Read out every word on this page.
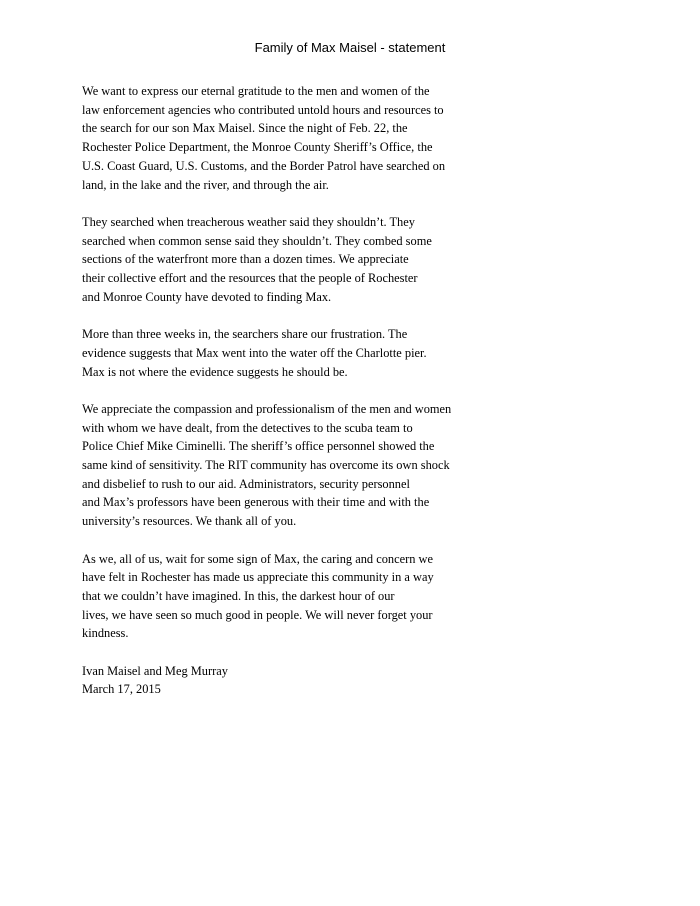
Family of Max Maisel - statement

We want to express our eternal gratitude to the men and women of the
law enforcement agencies who contributed untold hours and resources to
the search for our son Max Maisel. Since the night of Feb. 22, the
Rochester Police Department, the Monroe County Sheriff’s Office, the
U.S. Coast Guard, U.S. Customs, and the Border Patrol have searched on
land, in the lake and the river, and through the air.

They searched when treacherous weather said they shouldn’t. They
searched when common sense said they shouldn’t. They combed some
sections of the waterfront more than a dozen times. We appreciate
their collective effort and the resources that the people of Rochester
and Monroe County have devoted to finding Max.

More than three weeks in, the searchers share our frustration. The
evidence suggests that Max went into the water off the Charlotte pier.
Max is not where the evidence suggests he should be.

We appreciate the compassion and professionalism of the men and women
with whom we have dealt, from the detectives to the scuba team to
Police Chief Mike Ciminelli. The sheriff’s office personnel showed the
same kind of sensitivity. The RIT community has overcome its own shock
and disbelief to rush to our aid. Administrators, security personnel
and Max’s professors have been generous with their time and with the
university’s resources. We thank all of you.

As we, all of us, wait for some sign of Max, the caring and concern we
have felt in Rochester has made us appreciate this community in a way
that we couldn’t have imagined. In this, the darkest hour of our
lives, we have seen so much good in people. We will never forget your
kindness.

Ivan Maisel and Meg Murray
March 17, 2015
